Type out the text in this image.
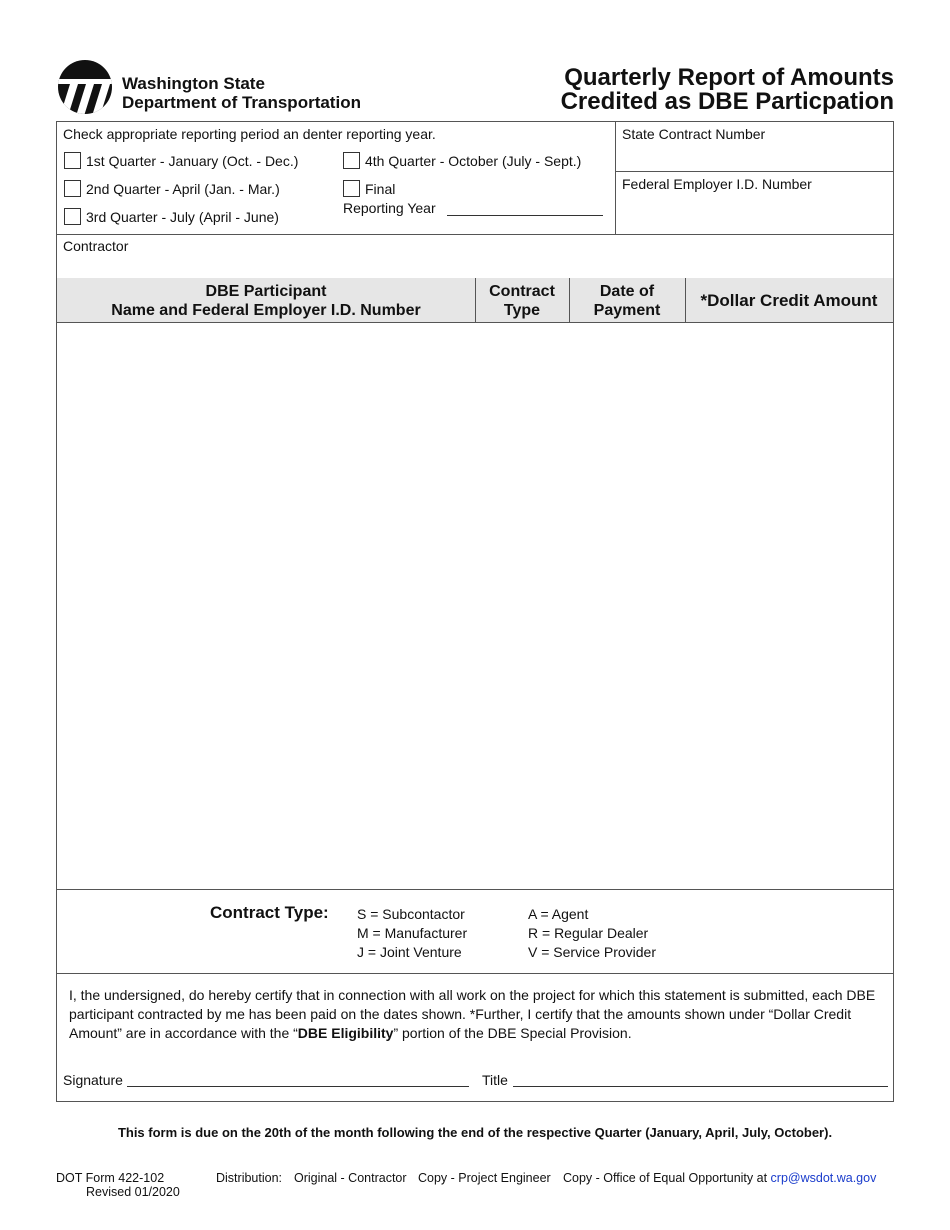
Washington State
Department of Transportation
Quarterly Report of Amounts
Credited as DBE Particpation
Check appropriate reporting period an denter reporting year.
1st Quarter - January (Oct. - Dec.)
2nd Quarter - April (Jan. - Mar.)
3rd Quarter - July (April - June)
4th Quarter - October (July - Sept.)
Final
Reporting Year
State Contract Number
Federal Employer I.D. Number
Contractor
DBE Participant
Name and Federal Employer I.D. Number
Contract
Type
Date of
Payment
*Dollar Credit Amount
Contract Type: S = Subcontactor
M = Manufacturer
J = Joint Venture
A = Agent
R = Regular Dealer
V = Service Provider
I, the undersigned, do hereby certify that in connection with all work on the project for which this statement is submitted, each DBE participant contracted by me has been paid on the dates shown. *Further, I certify that the amounts shown under “Dollar Credit Amount” are in accordance with the “DBE Eligibility” portion of the DBE Special Provision.
Signature	Title
This form is due on the 20th of the month following the end of the respective Quarter (January, April, July, October).
DOT Form 422-102
Revised 01/2020
Distribution: Original - Contractor Copy - Project Engineer Copy - Office of Equal Opportunity at crp@wsdot.wa.gov
